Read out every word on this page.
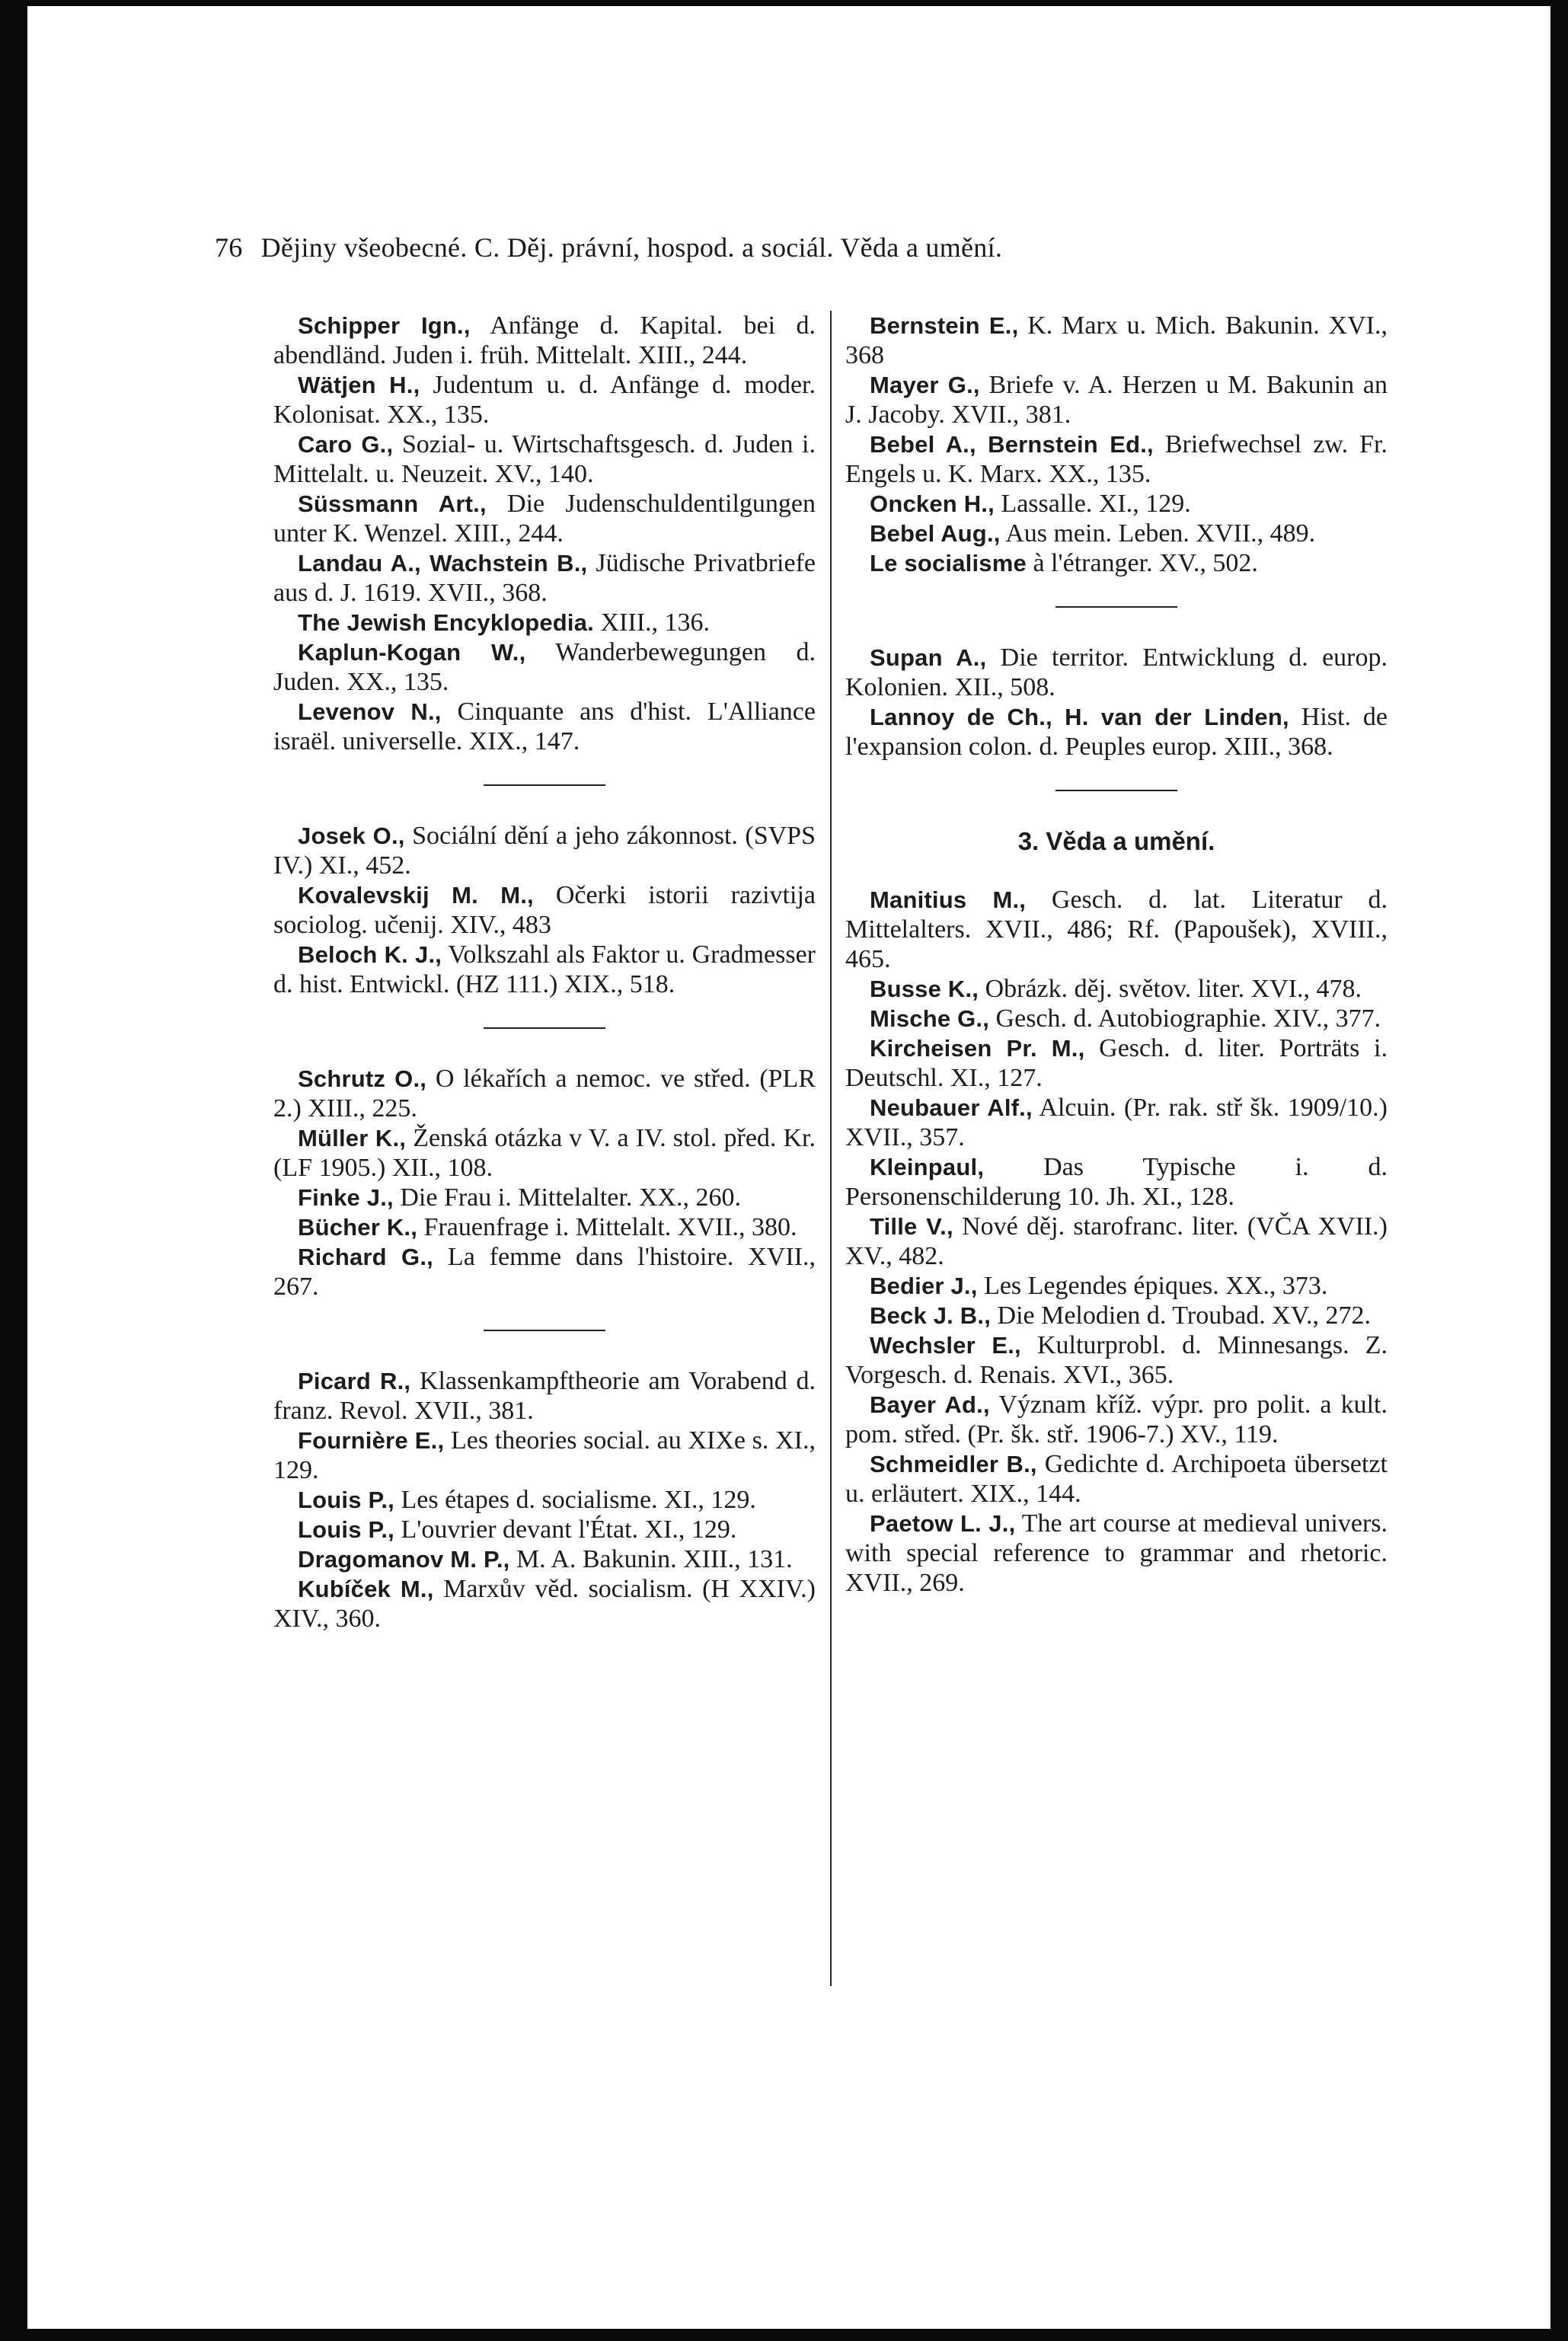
76 Dějiny všeobecné. C. Děj. právní, hospod. a sociál. Věda a umění.
Schipper Ign., Anfänge d. Kapital. bei d. abendländ. Juden i. früh. Mittelalt. XIII., 244.
Wätjen H., Judentum u. d. Anfänge d. moder. Kolonisat. XX., 135.
Caro G., Sozial- u. Wirtschaftsgesch. d. Juden i. Mittelalt. u. Neuzeit. XV., 140.
Süssmann Art., Die Judenschuldentilgungen unter K. Wenzel. XIII., 244.
Landau A., Wachstein B., Jüdische Privatbriefe aus d. J. 1619. XVII., 368.
The Jewish Encyklopedia. XIII., 136.
Kaplun-Kogan W., Wanderbewegungen d. Juden. XX., 135.
Levenov N., Cinquante ans d'hist. L'Alliance israël. universelle. XIX., 147.
Josek O., Sociální dění a jeho zákonnost. (SVPS IV.) XI., 452.
Kovalevskij M. M., Očerki istorii razivtija sociolog. učenij. XIV., 483
Beloch K. J., Volkszahl als Faktor u. Gradmesser d. hist. Entwickl. (HZ 111.) XIX., 518.
Schrutz O., O lékařích a nemoc. ve střed. (PLR 2.) XIII., 225.
Müller K., Ženská otázka v V. a IV. stol. před. Kr. (LF 1905.) XII., 108.
Finke J., Die Frau i. Mittelalter. XX., 260.
Bücher K., Frauenfrage i. Mittelalt. XVII., 380.
Richard G., La femme dans l'histoire. XVII., 267.
Picard R., Klassenkampftheorie am Vorabend d. franz. Revol. XVII., 381.
Fournière E., Les theories social. au XIXe s. XI., 129.
Louis P., Les étapes d. socialisme. XI., 129.
Louis P., L'ouvrier devant l'État. XI., 129.
Dragomanov M. P., M. A. Bakunin. XIII., 131.
Kubíček M., Marxův věd. socialism. (H XXIV.) XIV., 360.
Bernstein E., K. Marx u. Mich. Bakunin. XVI., 368
Mayer G., Briefe v. A. Herzen u M. Bakunin an J. Jacoby. XVII., 381.
Bebel A., Bernstein Ed., Briefwechsel zw. Fr. Engels u. K. Marx. XX., 135.
Oncken H., Lassalle. XI., 129.
Bebel Aug., Aus mein. Leben. XVII., 489.
Le socialisme à l'étranger. XV., 502.
Supan A., Die territor. Entwicklung d. europ. Kolonien. XII., 508.
Lannoy de Ch., H. van der Linden, Hist. de l'expansion colon. d. Peuples europ. XIII., 368.
3. Věda a umění.
Manitius M., Gesch. d. lat. Literatur d. Mittelalters. XVII., 486; Rf. (Papoušek), XVIII., 465.
Busse K., Obrázk. děj. světov. liter. XVI., 478.
Mische G., Gesch. d. Autobiographie. XIV., 377.
Kircheisen Pr. M., Gesch. d. liter. Porträts i. Deutschl. XI., 127.
Neubauer Alf., Alcuin. (Pr. rak. stř šk. 1909/10.) XVII., 357.
Kleinpaul, Das Typische i. d. Personenschilderung 10. Jh. XI., 128.
Tille V., Nové děj. starofranc. liter. (VČA XVII.) XV., 482.
Bedier J., Les Legendes épiques. XX., 373.
Beck J. B., Die Melodien d. Troubad. XV., 272.
Wechsler E., Kulturprobl. d. Minnesangs. Z. Vorgesch. d. Renais. XVI., 365.
Bayer Ad., Význam kříž. výpr. pro polit. a kult. pom. střed. (Pr. šk. stř. 1906-7.) XV., 119.
Schmeidler B., Gedichte d. Archipoeta übersetzt u. erläutert. XIX., 144.
Paetow L. J., The art course at medieval univers. with special reference to grammar and rhetoric. XVII., 269.
